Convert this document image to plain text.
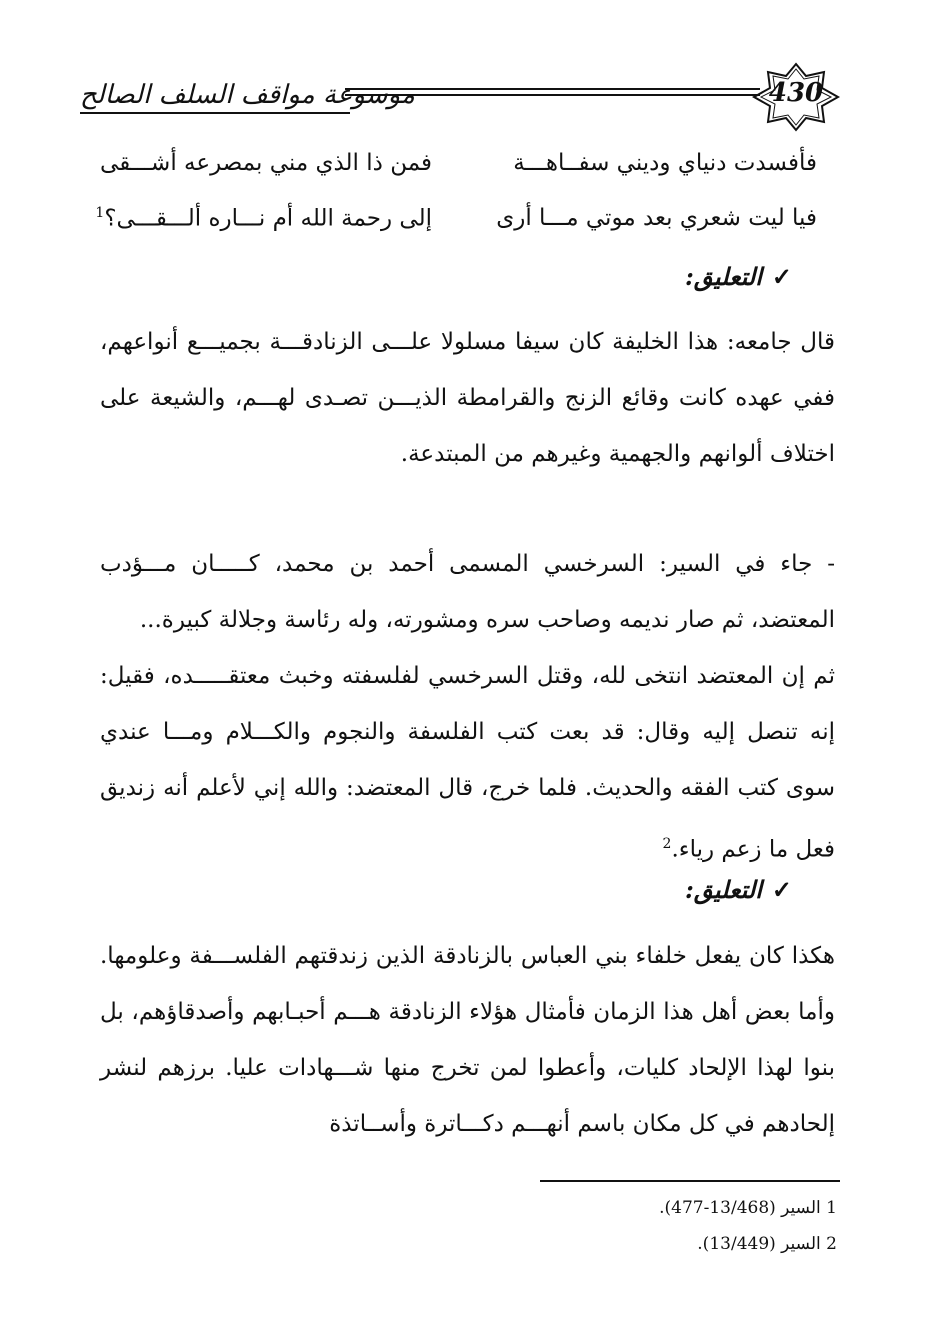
موسوعة مواقف السلف الصالح	430
فأفسدت دنياي وديني سفــاهـــة
فمن ذا الذي مني بمصرعه أشـــقى
فيا ليت شعري بعد موتي مـــا أرى
إلى رحمة الله أم نـــاره ألـــقـــى؟$^1$
✓التعليق:
قال جامعه: هذا الخليفة كان سيفا مسلولا علـــى الزنادقـــة بجميـــع أنواعهم، ففي عهده كانت وقائع الزنج والقرامطة الذيـــن تصـدى لهـــم، والشيعة على اختلاف ألوانهم والجهمية وغيرهم من المبتدعة.
- جاء في السير: السرخسي المسمى أحمد بن محمد، كـــــان مـــؤدب المعتضد، ثم صار نديمه وصاحب سره ومشورته، وله رئاسة وجلالة كبيرة...
ثم إن المعتضد انتخى لله، وقتل السرخسي لفلسفته وخبث معتقـــــده، فقيل: إنه تنصل إليه وقال: قد بعت كتب الفلسفة والنجوم والكـــلام ومـــا عندي سوى كتب الفقه والحديث. فلما خرج، قال المعتضد: والله إني لأعلم أنه زنديق فعل ما زعم رياء.$^2$
✓التعليق:
هكذا كان يفعل خلفاء بني العباس بالزنادقة الذين زندقتهم الفلســـفة وعلومها. وأما بعض أهل هذا الزمان فأمثال هؤلاء الزنادقة هـــم أحبـابهم وأصدقاؤهم، بل بنوا لهذا الإلحاد كليات، وأعطوا لمن تخرج منها شـــهادات عليا. برزهم لنشر إلحادهم في كل مكان باسم أنهـــم دكـــاترة وأســاتذة
1 السير (13/468-477).
2 السير (13/449).
